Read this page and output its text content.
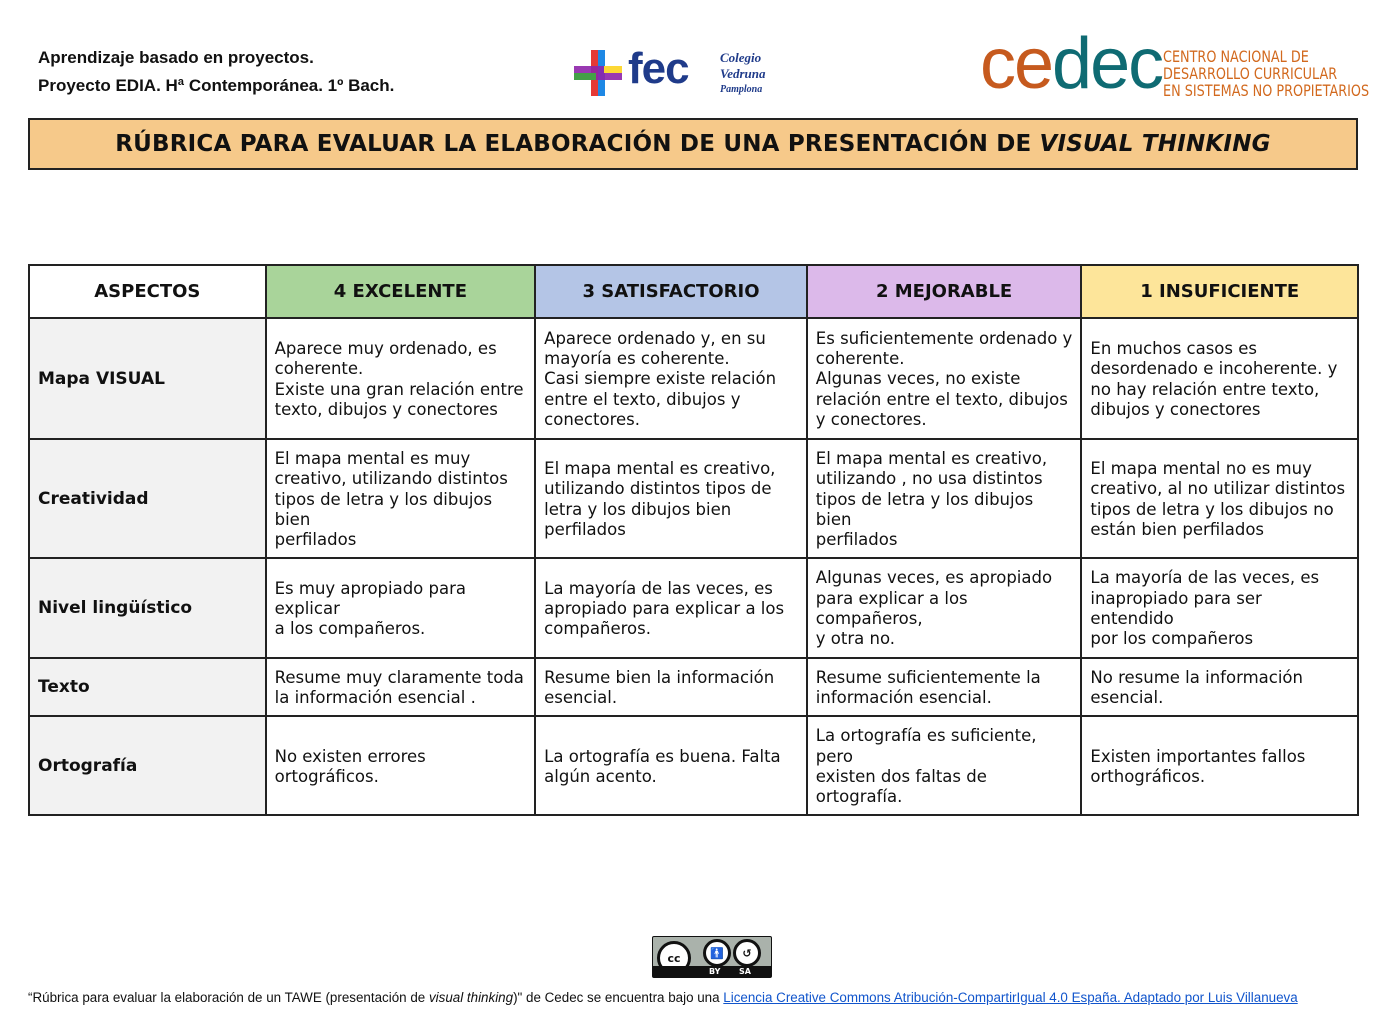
Aprendizaje basado en proyectos.
Proyecto EDIA. Hª Contemporánea. 1º Bach.	fec Colegio
Vedruna
Pamplona	cedec CENTRO NACIONAL DE
DESARROLLO CURRICULAR
EN SISTEMAS NO PROPIETARIOS
RÚBRICA PARA EVALUAR LA ELABORACIÓN DE UNA PRESENTACIÓN DE VISUAL THINKING
ASPECTOS	4 EXCELENTE	3 SATISFACTORIO	2 MEJORABLE	1 INSUFICIENTE
Mapa VISUAL	Aparece muy ordenado, es
coherente.
Existe una gran relación entre
texto, dibujos y conectores	Aparece ordenado y, en su
mayoría es coherente.
Casi siempre existe relación
entre el texto, dibujos y
conectores.	Es suficientemente ordenado y
coherente.
Algunas veces, no existe
relación entre el texto, dibujos
y conectores.	En muchos casos es
desordenado e incoherente. y
no hay relación entre texto,
dibujos y conectores
Creatividad	El mapa mental es muy
creativo, utilizando distintos
tipos de letra y los dibujos bien
perfilados	El mapa mental es creativo,
utilizando distintos tipos de
letra y los dibujos bien
perfilados	El mapa mental es creativo,
utilizando , no usa distintos
tipos de letra y los dibujos bien
perfilados	El mapa mental no es muy
creativo, al no utilizar distintos
tipos de letra y los dibujos no
están bien perfilados
Nivel lingüístico	Es muy apropiado para explicar
a los compañeros.	La mayoría de las veces, es
apropiado para explicar a los
compañeros.	Algunas veces, es apropiado
para explicar a los compañeros,
y otra no.	La mayoría de las veces, es
inapropiado para ser entendido
por los compañeros
Texto	Resume muy claramente toda
la información esencial .	Resume bien la información
esencial.	Resume suficientemente la
información esencial.	No resume la información
esencial.
Ortografía	No existen errores
ortográficos.	La ortografía es buena. Falta
algún acento.	La ortografía es suficiente, pero
existen dos faltas de ortografía.	Existen importantes fallos
orthográficos.
cc	🚹	↺
BY SA
“Rúbrica para evaluar la elaboración de un TAWE (presentación de visual thinking)" de Cedec se encuentra bajo una Licencia Creative Commons Atribución-CompartirIgual 4.0 España. Adaptado por Luis Villanueva
